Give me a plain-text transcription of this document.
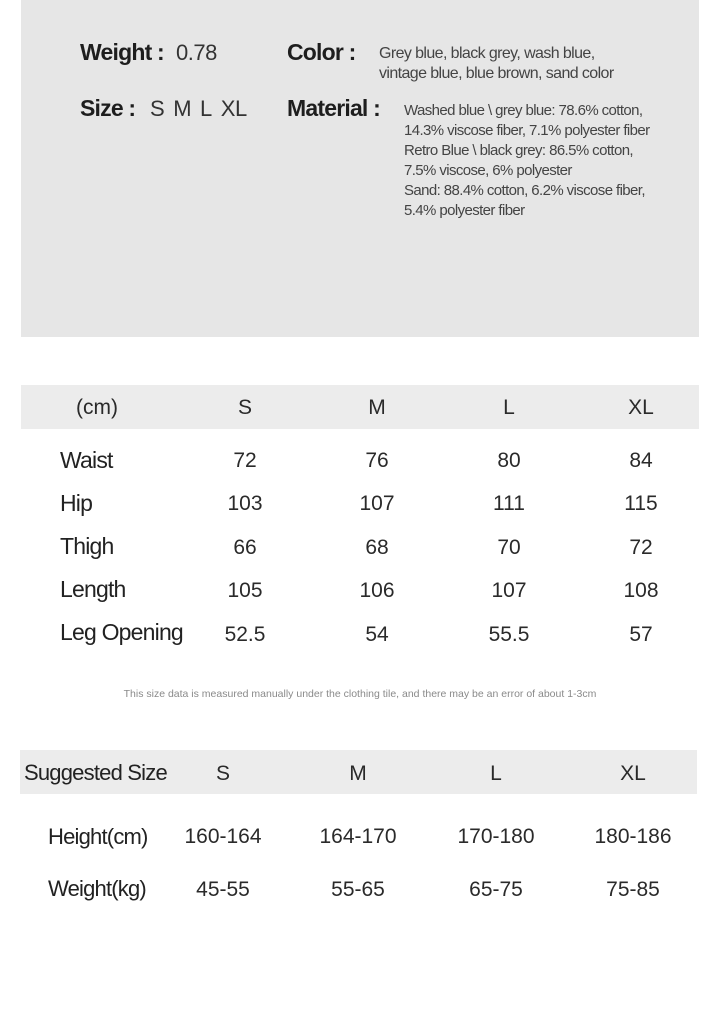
Weight : 0.78	Color : Grey blue, black grey, wash blue,
vintage blue, blue brown, sand color
Size : S M L XL	Material : Washed blue \ grey blue: 78.6% cotton,
14.3% viscose fiber, 7.1% polyester fiber
Retro Blue \ black grey: 86.5% cotton,
7.5% viscose, 6% polyester
Sand: 88.4% cotton, 6.2% viscose fiber,
5.4% polyester fiber
(cm)	S	M	L	XL
Waist	72	76	80	84
Hip	103	107	111	115
Thigh	66	68	70	72
Length	105	106	107	108
Leg Opening 52.5	54	55.5	57
This size data is measured manually under the clothing tile, and there may be an error of about 1-3cm
Suggested Size S	M	L	XL
Height(cm) 160-164	164-170	170-180	180-186
Weight(kg) 45-55	55-65	65-75	75-85
